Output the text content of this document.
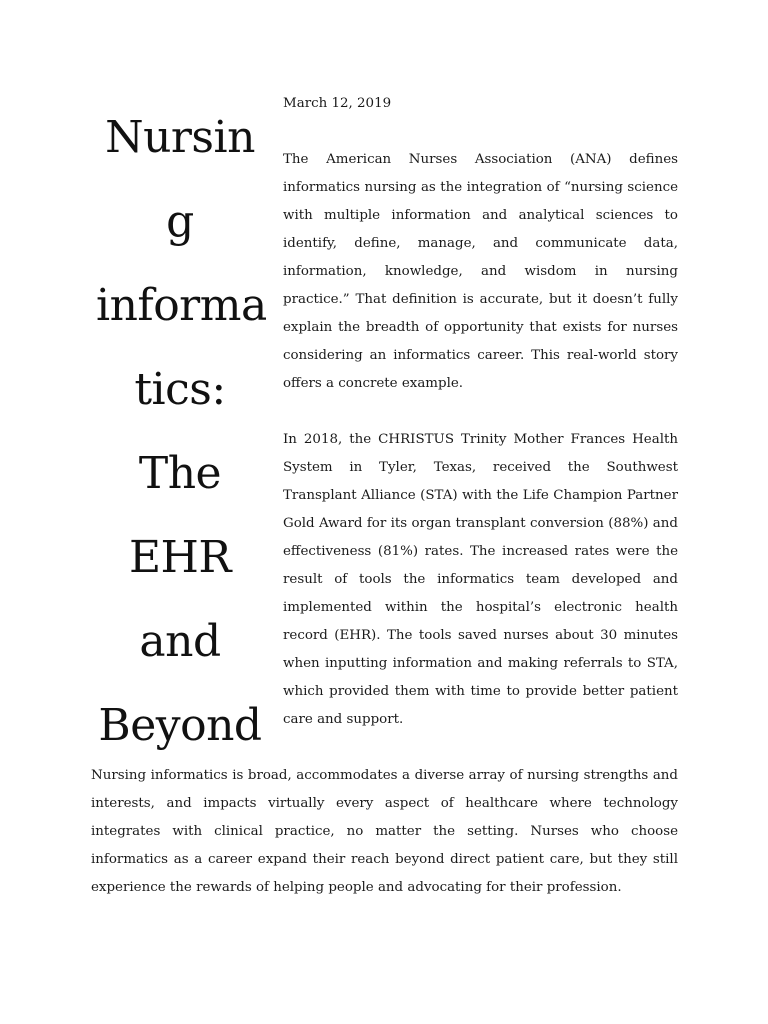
Nursin
g
informa
tics:
The
EHR
and
Beyond

March 12, 2019

The American Nurses Association (ANA) defines informatics nursing as the integration of “nursing science with multiple information and analytical sciences to identify, define, manage, and communicate data, information, knowledge, and wisdom in nursing practice.” That definition is accurate, but it doesn’t fully explain the breadth of opportunity that exists for nurses considering an informatics career. This real-world story offers a concrete example.

In 2018, the CHRISTUS Trinity Mother Frances Health System in Tyler, Texas, received the Southwest Transplant Alliance (STA) with the Life Champion Partner Gold Award for its organ transplant conversion (88%) and effectiveness (81%) rates. The increased rates were the result of tools the informatics team developed and implemented within the hospital’s electronic health record (EHR). The tools saved nurses about 30 minutes when inputting information and making referrals to STA, which provided them with time to provide better patient care and support.

Nursing informatics is broad, accommodates a diverse array of nursing strengths and interests, and impacts virtually every aspect of healthcare where technology integrates with clinical practice, no matter the setting. Nurses who choose informatics as a career expand their reach beyond direct patient care, but they still experience the rewards of helping people and advocating for their profession.
